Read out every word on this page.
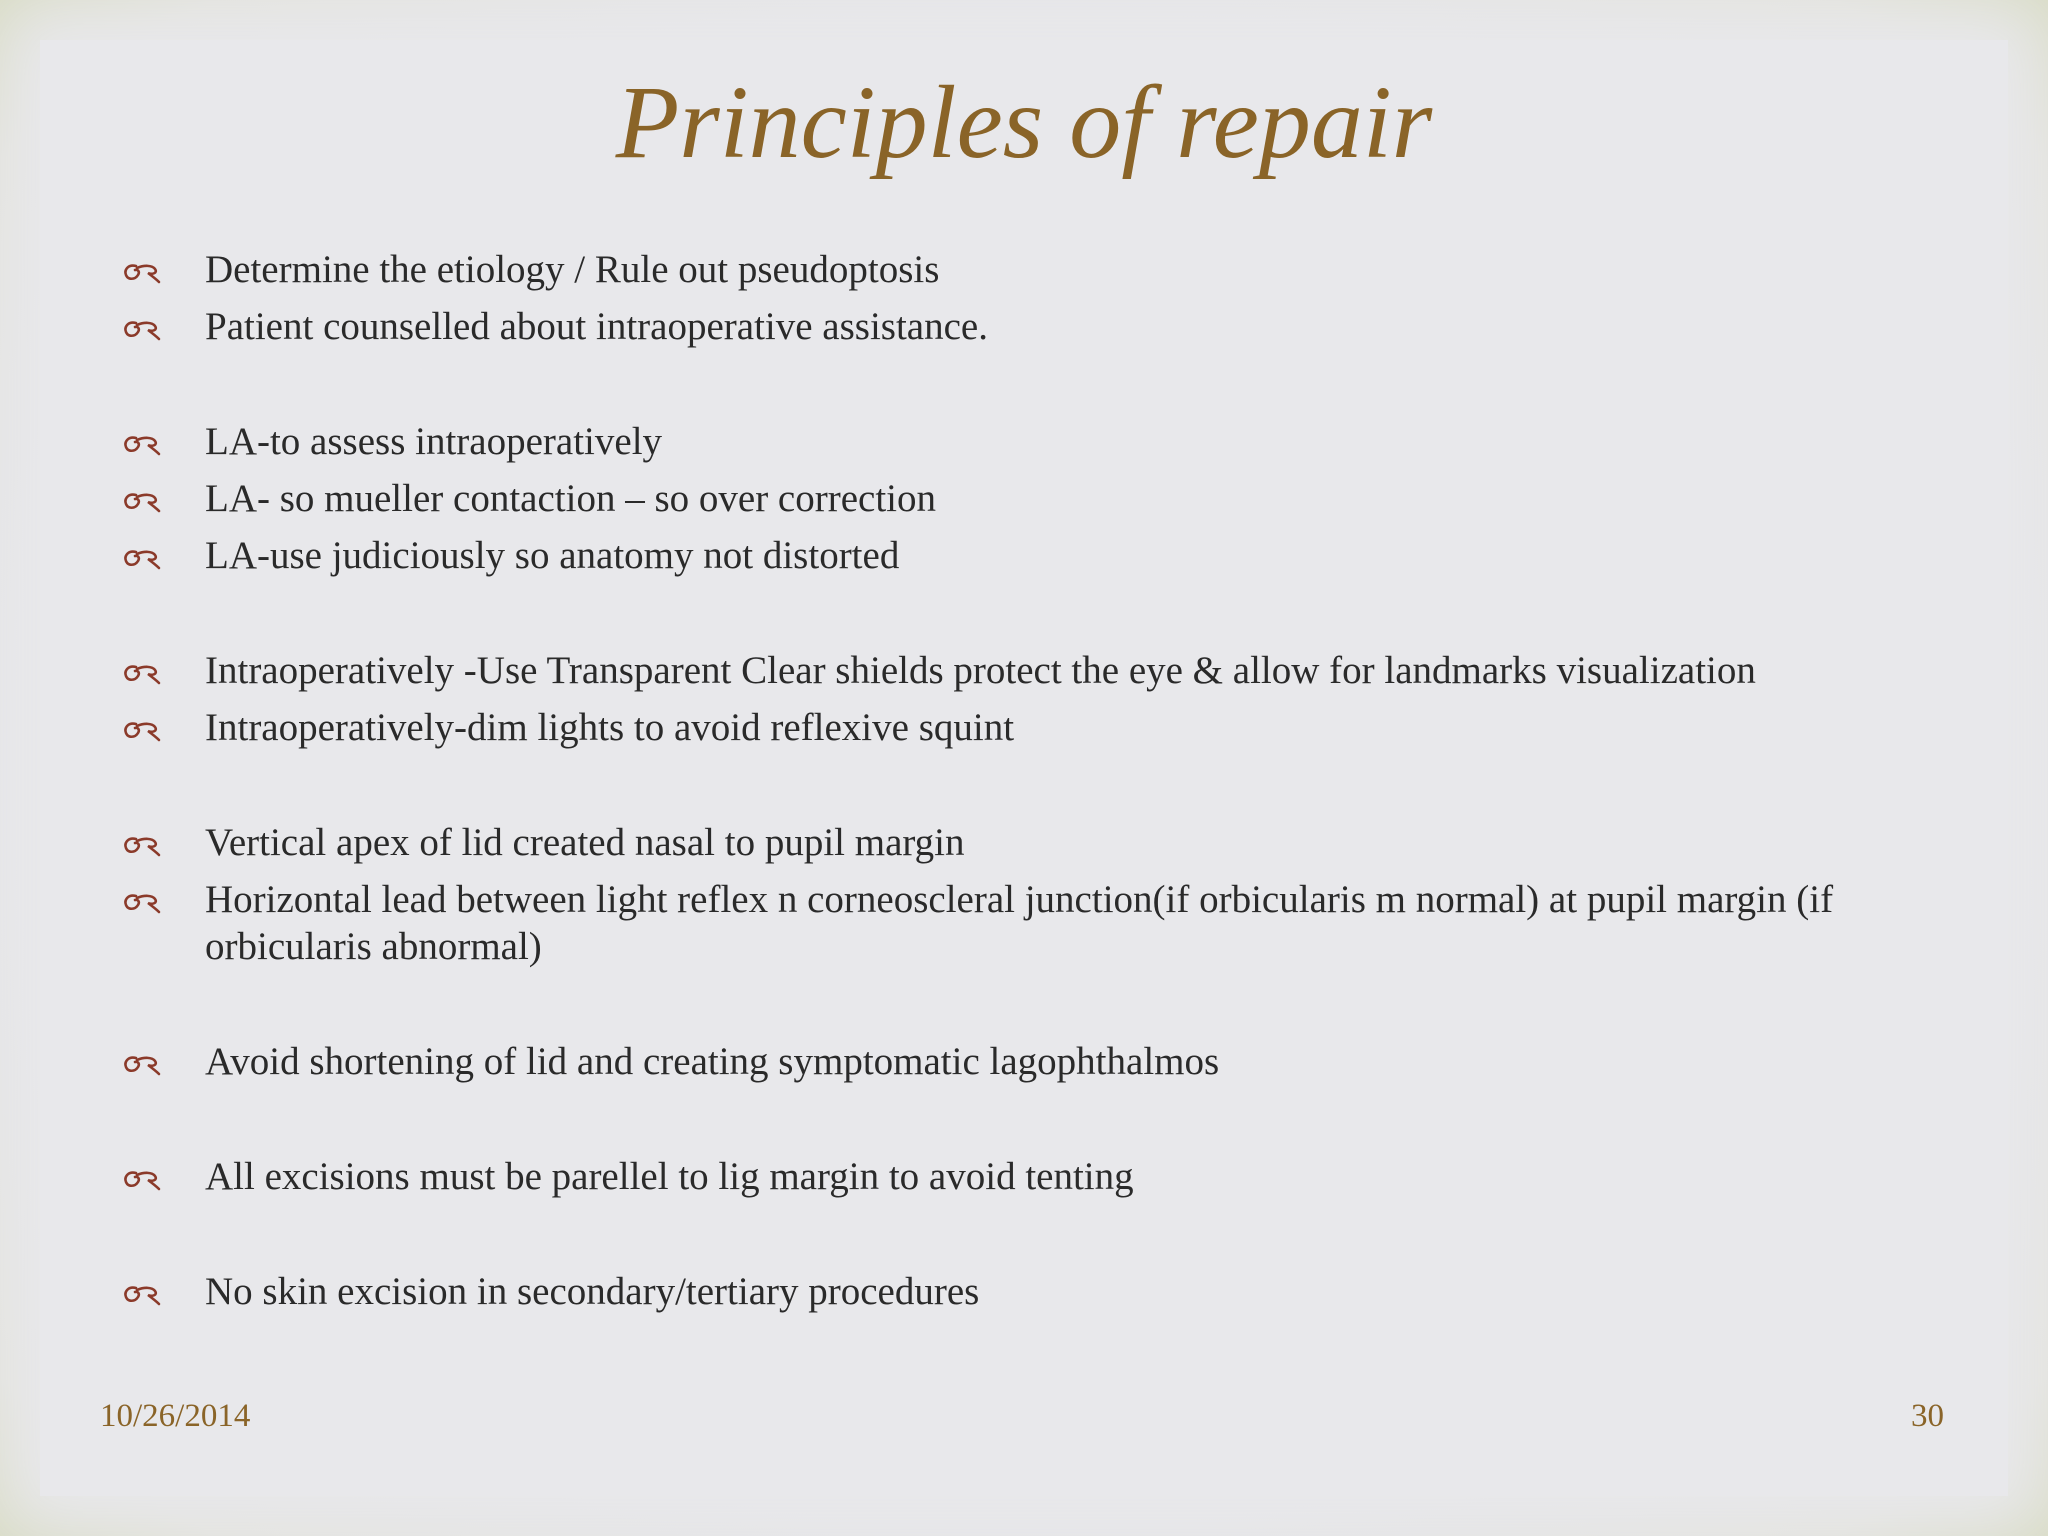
Principles of repair
Determine the etiology / Rule out pseudoptosis
Patient counselled about intraoperative assistance.
LA-to assess intraoperatively
LA- so mueller contaction – so over correction
LA-use judiciously so anatomy not distorted
Intraoperatively -Use Transparent Clear shields protect the eye & allow for landmarks visualization
Intraoperatively-dim lights to avoid reflexive squint
Vertical apex of lid created nasal to pupil margin
Horizontal lead between light reflex n corneoscleral junction(if orbicularis m normal) at pupil margin (if orbicularis abnormal)
Avoid shortening of lid and creating symptomatic lagophthalmos
All excisions must be parellel to lig margin to avoid tenting
No skin excision in secondary/tertiary procedures
10/26/2014	30
